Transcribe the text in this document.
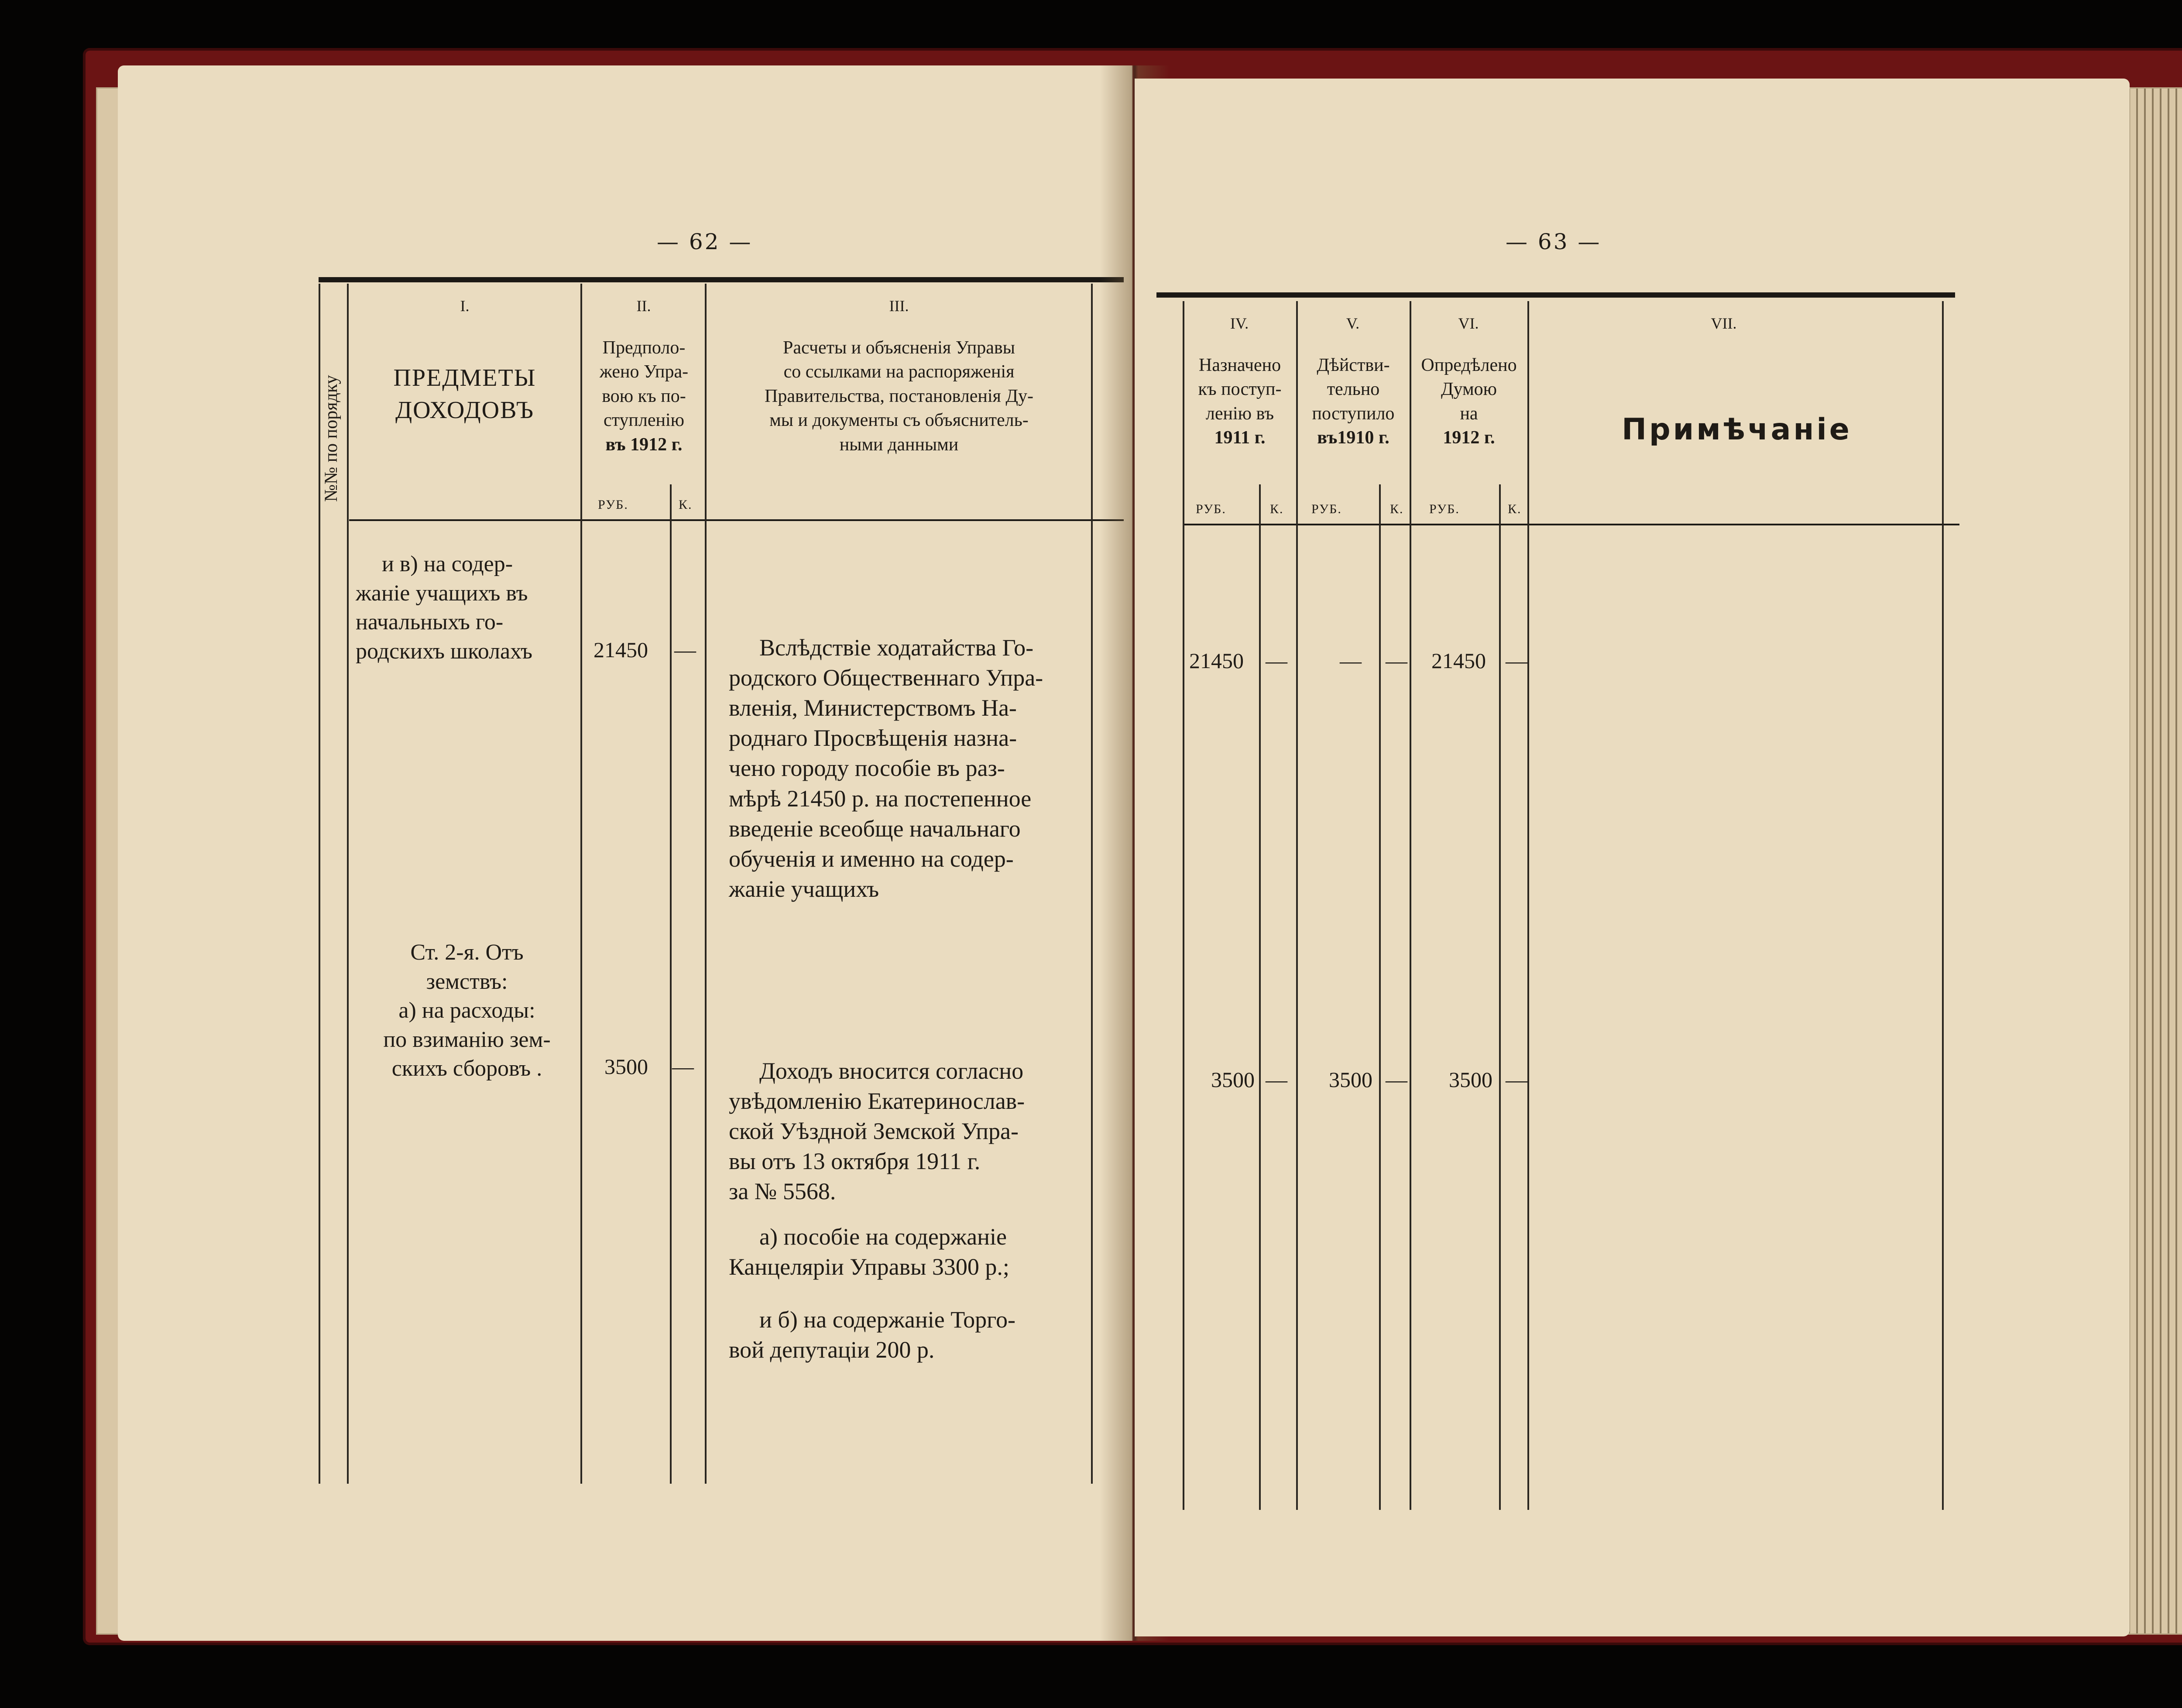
— 62 —
№№ по порядку
I.
ПРЕДМЕТЫ ДОХОДОВЪ
II.
Предполо-
жено Упра-
вою къ по-
ступленію
въ 1912 г.
РУБ.	К.
III.
Расчеты и объясненія Управы
со ссылками на распоряженія
Правительства, постановленія Ду-
мы и документы съ объяснитель-
ными данными
и в) на содер-
жаніе учащихъ въ
начальныхъ го-
родскихъ школахъ	21450 —	Вслѣдствіе ходатайства Го-
родского Общественнаго Упра-
вленія, Министерствомъ На-
роднаго Просвѣщенія назна-
чено городу пособіе въ раз-
мѣрѣ 21450 р. на постепенное
введеніе всеобще начальнаго
обученія и именно на содер-
жаніе учащихъ
Ст. 2-я. Отъ
земствъ:
а) на расходы:
по взиманію зем-
скихъ сборовъ .	3500 —	Доходъ вносится согласно
увѣдомленію Екатеринослав-
ской Уѣздной Земской Упра-
вы отъ 13 октября 1911 г.
за № 5568.
а) пособіе на содержаніе
Канцеляріи Управы 3300 р.;
и б) на содержаніе Торго-
вой депутаціи 200 р.
— 63 —
IV.
Назначено
къ поступ-
ленію въ
1911 г.
РУБ.	К.
V.
Дѣйстви-
тельно
поступило
въ1910 г.
РУБ.	К.
VI.
Опредѣлено
Думою
на
1912 г.
РУБ.	К.
VII.
Примѣчаніе
21450 — — — 21450 —
3500 — 3500 — 3500 —
